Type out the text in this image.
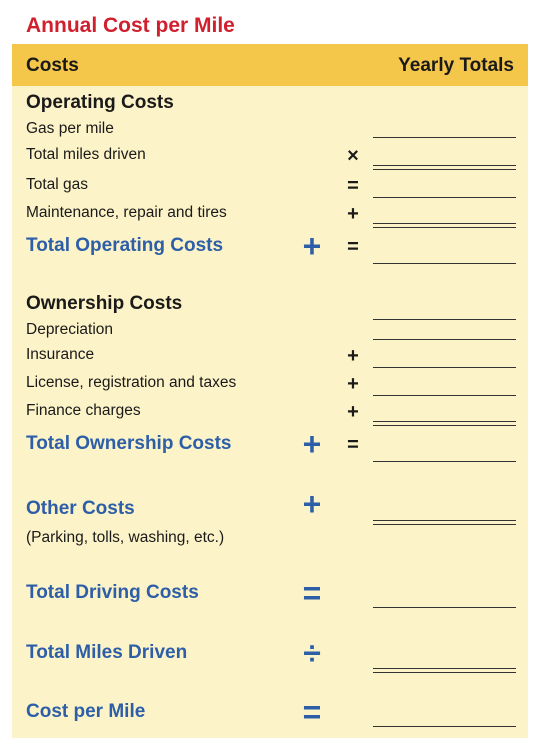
Annual Cost per Mile
Costs	Yearly Totals
Operating Costs
Gas per mile
Total miles driven	×
Total gas	=
Maintenance, repair and tires	+
Total Operating Costs + =
Ownership Costs
Depreciation
Insurance	+
License, registration and taxes	+
Finance charges	+
Total Ownership Costs + =
Other Costs	+
(Parking, tolls, washing, etc.)
Total Driving Costs	=
Total Miles Driven	÷
Cost per Mile	=
